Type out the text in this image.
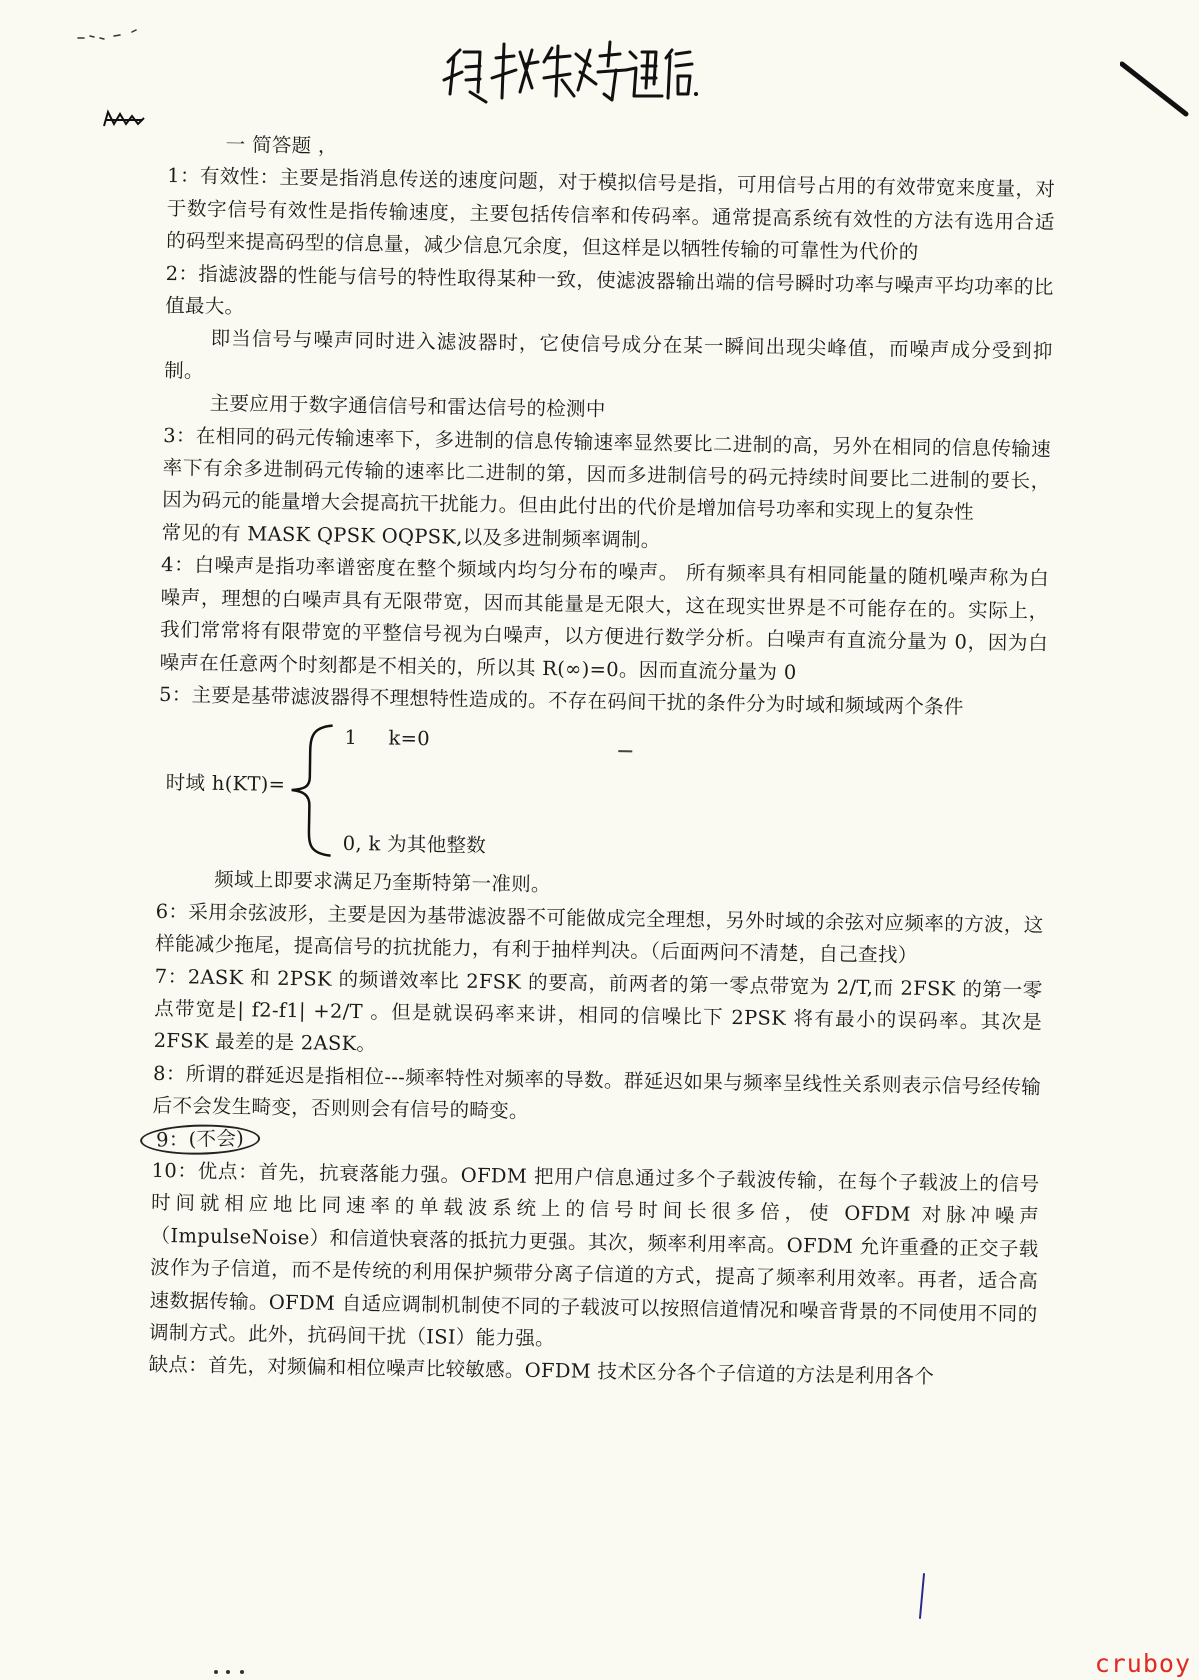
一 简答题 ，

1：有效性：主要是指消息传送的速度问题，对于模拟信号是指，可用信号占用的有效带宽来度量，对于数字信号有效性是指传输速度，主要包括传信率和传码率。通常提高系统有效性的方法有选用合适的码型来提高码型的信息量，减少信息冗余度，但这样是以牺牲传输的可靠性为代价的

2：指滤波器的性能与信号的特性取得某种一致，使滤波器输出端的信号瞬时功率与噪声平均功率的比值最大。

即当信号与噪声同时进入滤波器时，它使信号成分在某一瞬间出现尖峰值，而噪声成分受到抑制。

主要应用于数字通信信号和雷达信号的检测中

3：在相同的码元传输速率下，多进制的信息传输速率显然要比二进制的高，另外在相同的信息传输速率下有余多进制码元传输的速率比二进制的第，因而多进制信号的码元持续时间要比二进制的要长，因为码元的能量增大会提高抗干扰能力。但由此付出的代价是增加信号功率和实现上的复杂性

常见的有 MASK QPSK OQPSK,以及多进制频率调制。

4：白噪声是指功率谱密度在整个频域内均匀分布的噪声。 所有频率具有相同能量的随机噪声称为白噪声，理想的白噪声具有无限带宽，因而其能量是无限大，这在现实世界是不可能存在的。实际上，我们常常将有限带宽的平整信号视为白噪声，以方便进行数学分析。白噪声有直流分量为 0，因为白噪声在任意两个时刻都是不相关的，所以其 R(∞)=0。因而直流分量为 0

5：主要是基带滤波器得不理想特性造成的。不存在码间干扰的条件分为时域和频域两个条件

时域 h(KT)=
1 k=0
0, k 为其他整数

频域上即要求满足乃奎斯特第一准则。

6：采用余弦波形，主要是因为基带滤波器不可能做成完全理想，另外时域的余弦对应频率的方波，这样能减少拖尾，提高信号的抗扰能力，有利于抽样判决。（后面两问不清楚，自己查找）

7：2ASK 和 2PSK 的频谱效率比 2FSK 的要高，前两者的第一零点带宽为 2/T,而 2FSK 的第一零点带宽是| f2-f1| +2/T 。但是就误码率来讲，相同的信噪比下 2PSK 将有最小的误码率。其次是 2FSK 最差的是 2ASK。

8：所谓的群延迟是指相位---频率特性对频率的导数。群延迟如果与频率呈线性关系则表示信号经传输后不会发生畸变，否则则会有信号的畸变。

9：(不会)

10：优点：首先，抗衰落能力强。OFDM 把用户信息通过多个子载波传输，在每个子载波上的信号时间就相应地比同速率的单载波系统上的信号时间长很多倍，使 OFDM 对脉冲噪声（ImpulseNoise）和信道快衰落的抵抗力更强。其次，频率利用率高。OFDM 允许重叠的正交子载波作为子信道，而不是传统的利用保护频带分离子信道的方式，提高了频率利用效率。再者，适合高速数据传输。OFDM 自适应调制机制使不同的子载波可以按照信道情况和噪音背景的不同使用不同的调制方式。此外，抗码间干扰（ISI）能力强。

缺点：首先，对频偏和相位噪声比较敏感。OFDM 技术区分各个子信道的方法是利用各个

cruboy
